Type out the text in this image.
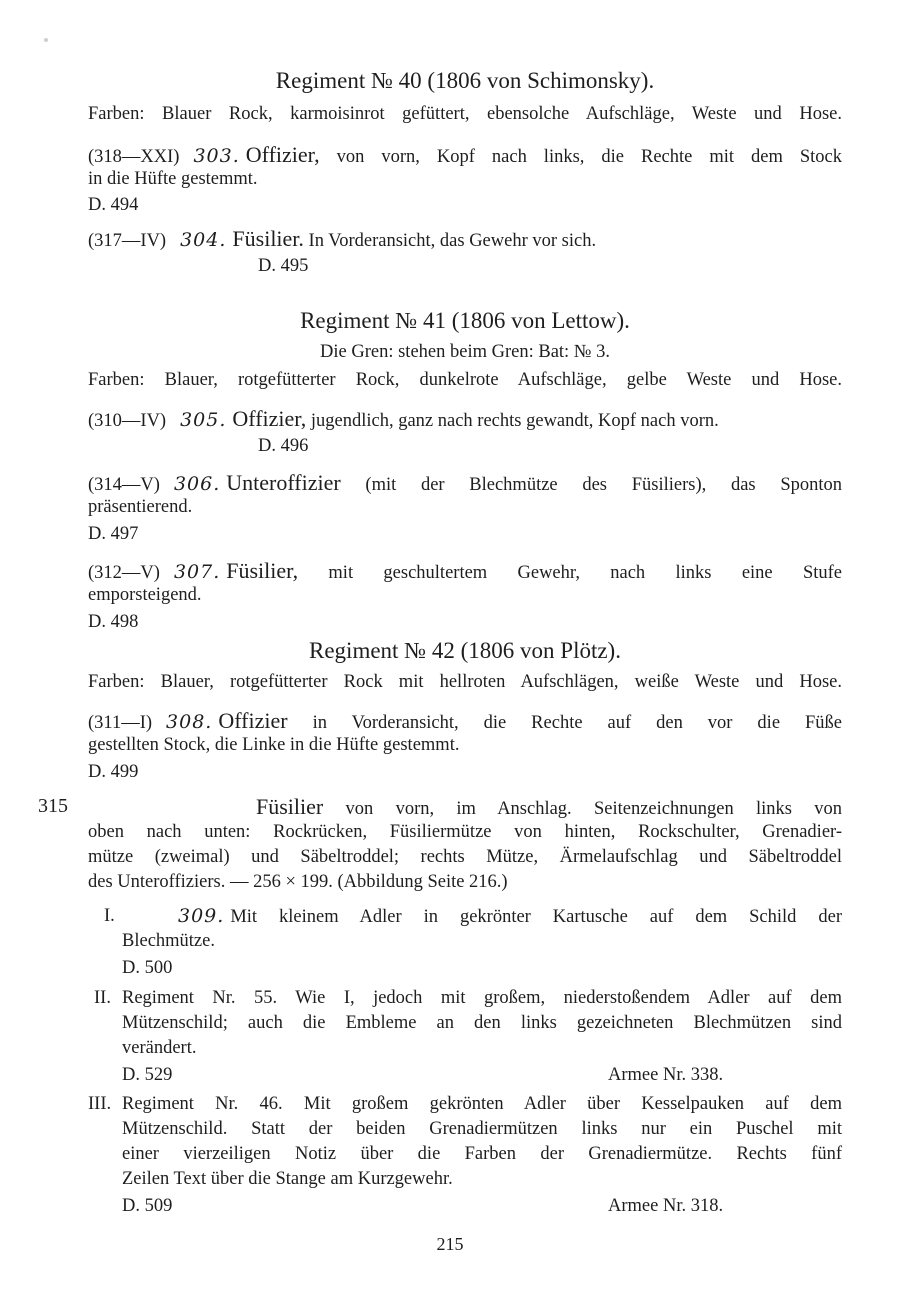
Regiment № 40 (1806 von Schimonsky).
Farben: Blauer Rock, karmoisinrot gefüttert, ebensolche Aufschläge, Weste und Hose.
(318—XXI) 303. Offizier, von vorn, Kopf nach links, die Rechte mit dem Stock
in die Hüfte gestemmt.
D. 494
(317—IV) 304. Füsilier. In Vorderansicht, das Gewehr vor sich.
D. 495
Regiment № 41 (1806 von Lettow).
Die Gren: stehen beim Gren: Bat: № 3.
Farben: Blauer, rotgefütterter Rock, dunkelrote Aufschläge, gelbe Weste und Hose.
(310—IV) 305. Offizier, jugendlich, ganz nach rechts gewandt, Kopf nach vorn.
D. 496
(314—V) 306. Unteroffizier (mit der Blechmütze des Füsiliers), das Sponton
präsentierend.
D. 497
(312—V) 307. Füsilier, mit geschultertem Gewehr, nach links eine Stufe
emporsteigend.
D. 498
Regiment № 42 (1806 von Plötz).
Farben: Blauer, rotgefütterter Rock mit hellroten Aufschlägen, weiße Weste und Hose.
(311—I) 308. Offizier in Vorderansicht, die Rechte auf den vor die Füße
gestellten Stock, die Linke in die Hüfte gestemmt.
D. 499
315	Füsilier von vorn, im Anschlag. Seitenzeichnungen links von
oben nach unten: Rockrücken, Füsiliermütze von hinten, Rockschulter, Grenadier-
mütze (zweimal) und Säbeltroddel; rechts Mütze, Ärmelaufschlag und Säbeltroddel
des Unteroffiziers. — 256 × 199. (Abbildung Seite 216.)
I.	309. Mit kleinem Adler in gekrönter Kartusche auf dem Schild der
Blechmütze.
D. 500
II. Regiment Nr. 55. Wie I, jedoch mit großem, niederstoßendem Adler auf dem
Mützenschild; auch die Embleme an den links gezeichneten Blechmützen sind
verändert.
D. 529	Armee Nr. 338.
III. Regiment Nr. 46. Mit großem gekrönten Adler über Kesselpauken auf dem
Mützenschild. Statt der beiden Grenadiermützen links nur ein Puschel mit
einer vierzeiligen Notiz über die Farben der Grenadiermütze. Rechts fünf
Zeilen Text über die Stange am Kurzgewehr.
D. 509	Armee Nr. 318.
215
